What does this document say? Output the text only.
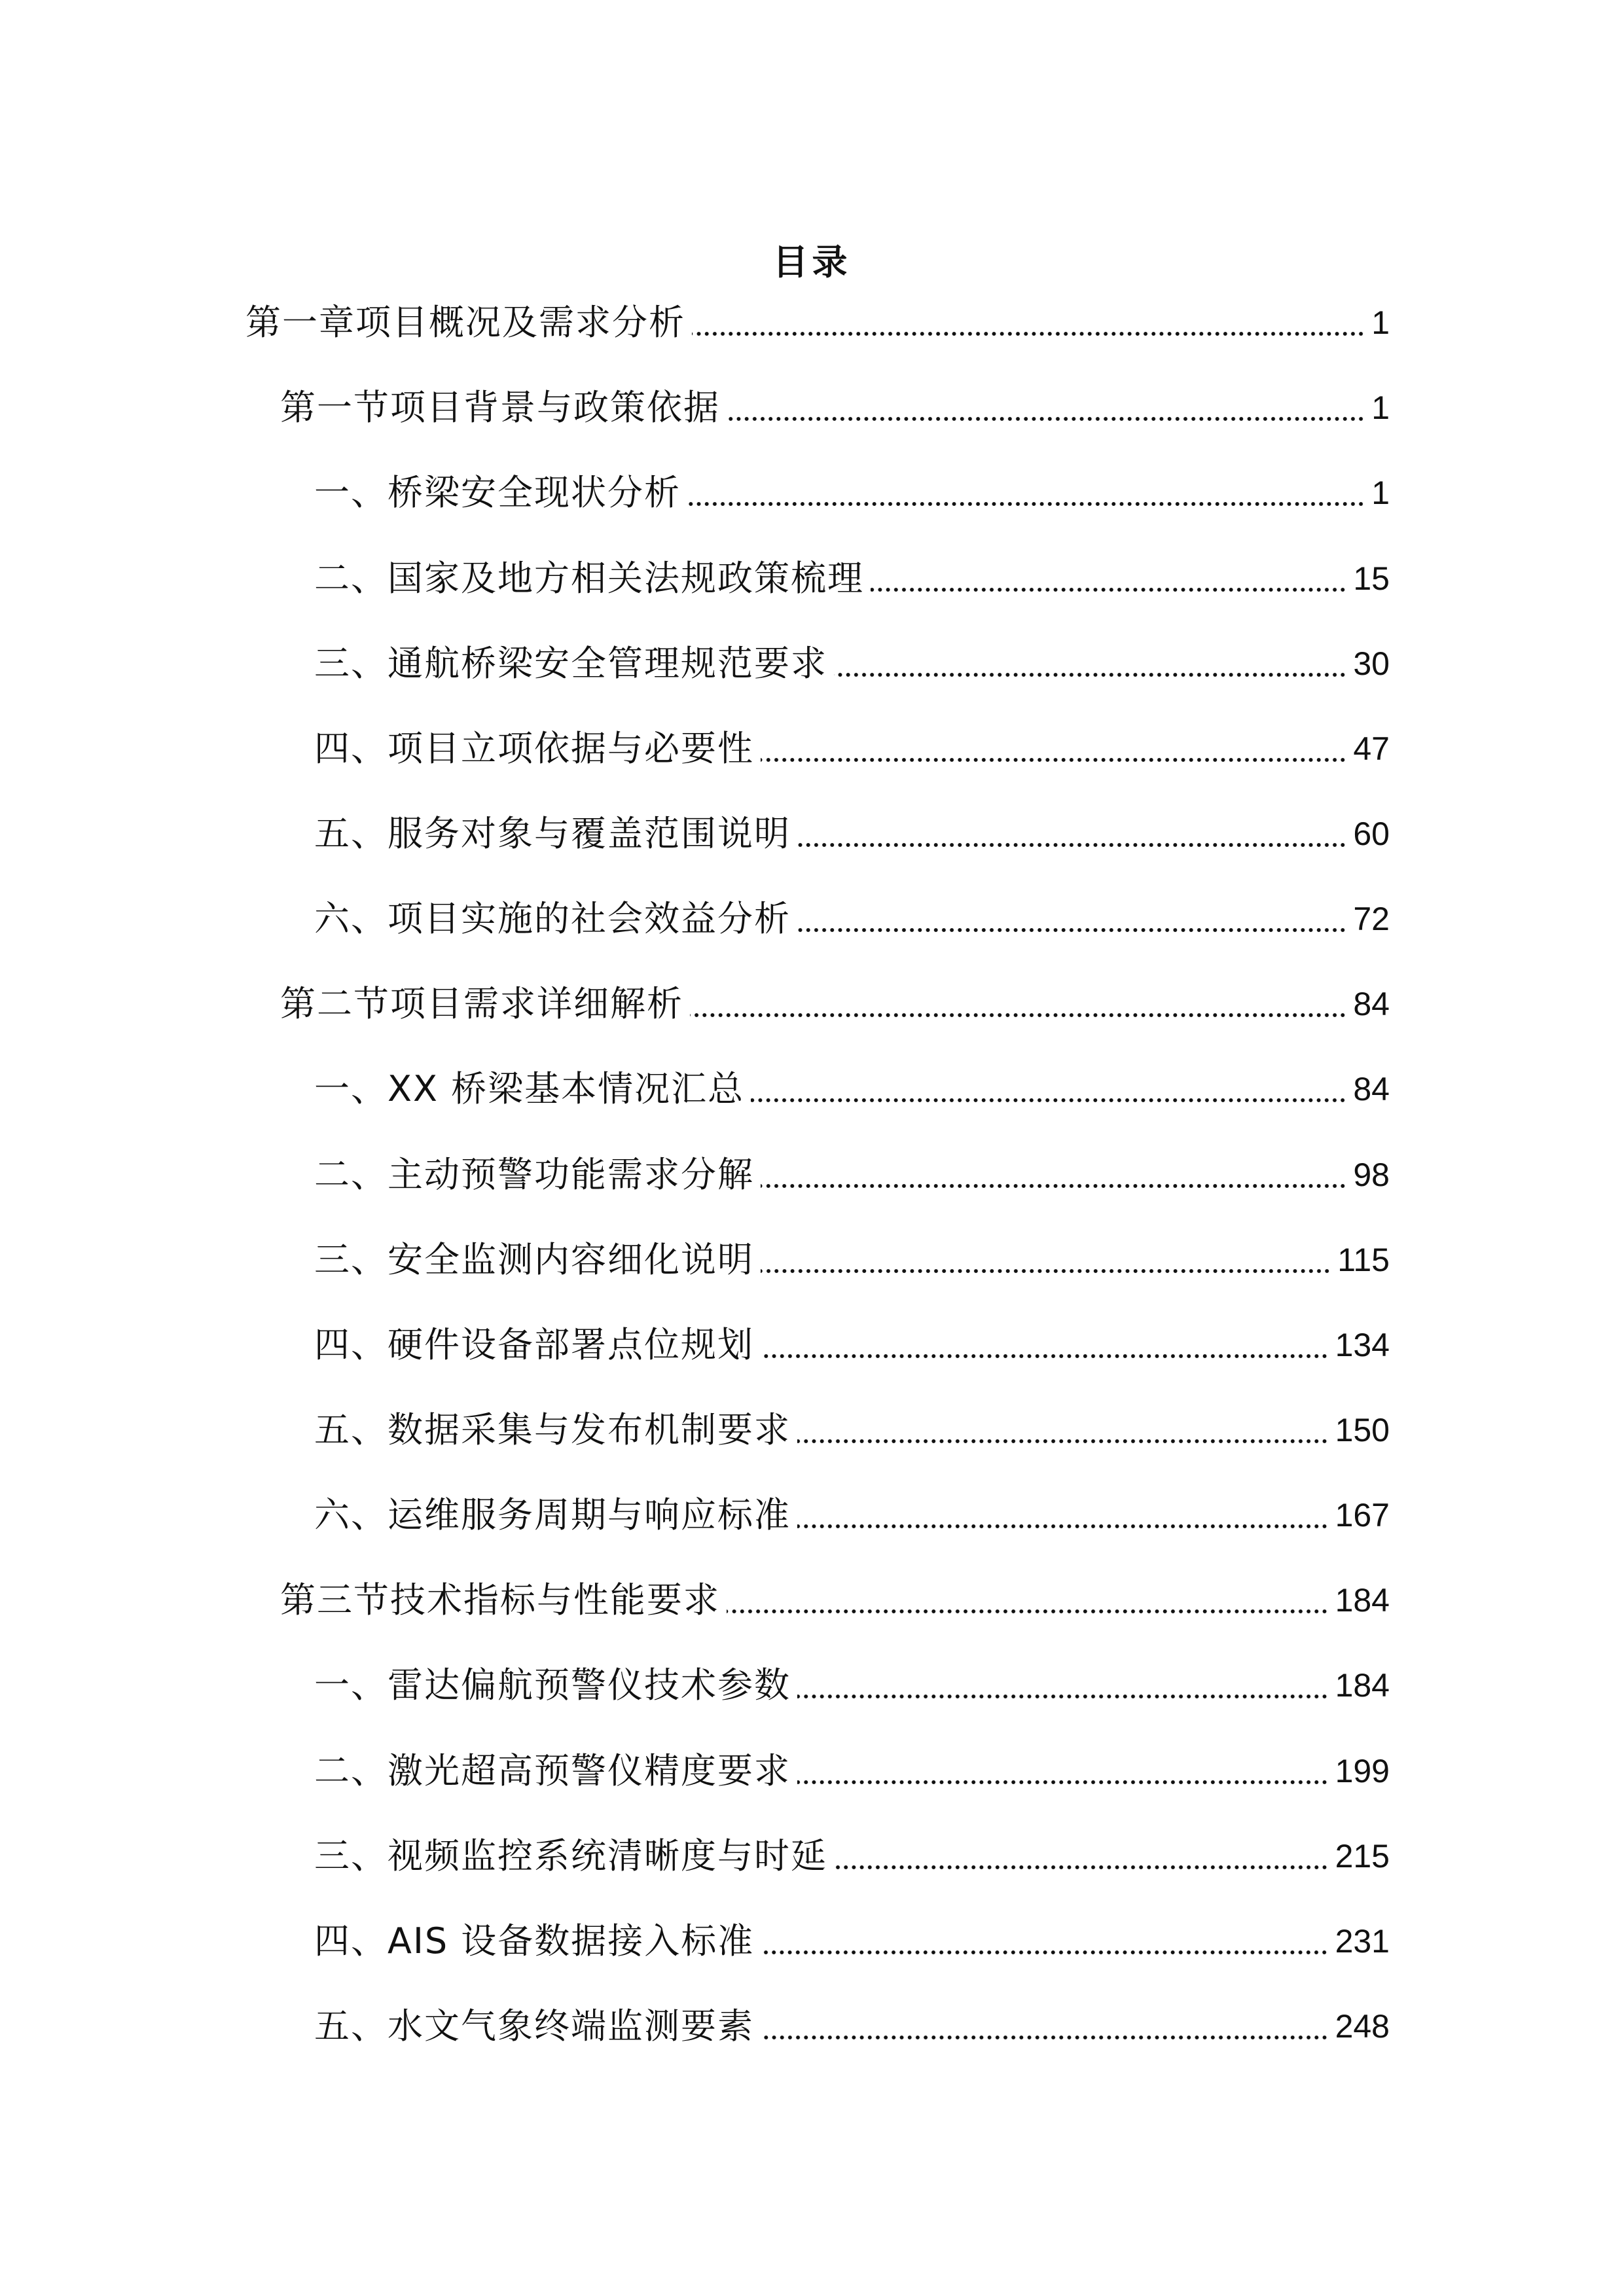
目录
第一章项目概况及需求分析	1
第一节项目背景与政策依据	1
一、桥梁安全现状分析	1
二、国家及地方相关法规政策梳理	15
三、通航桥梁安全管理规范要求	30
四、项目立项依据与必要性	47
五、服务对象与覆盖范围说明	60
六、项目实施的社会效益分析	72
第二节项目需求详细解析	84
一、XX 桥梁基本情况汇总	84
二、主动预警功能需求分解	98
三、安全监测内容细化说明	115
四、硬件设备部署点位规划	134
五、数据采集与发布机制要求	150
六、运维服务周期与响应标准	167
第三节技术指标与性能要求	184
一、雷达偏航预警仪技术参数	184
二、激光超高预警仪精度要求	199
三、视频监控系统清晰度与时延	215
四、AIS 设备数据接入标准	231
五、水文气象终端监测要素	248
